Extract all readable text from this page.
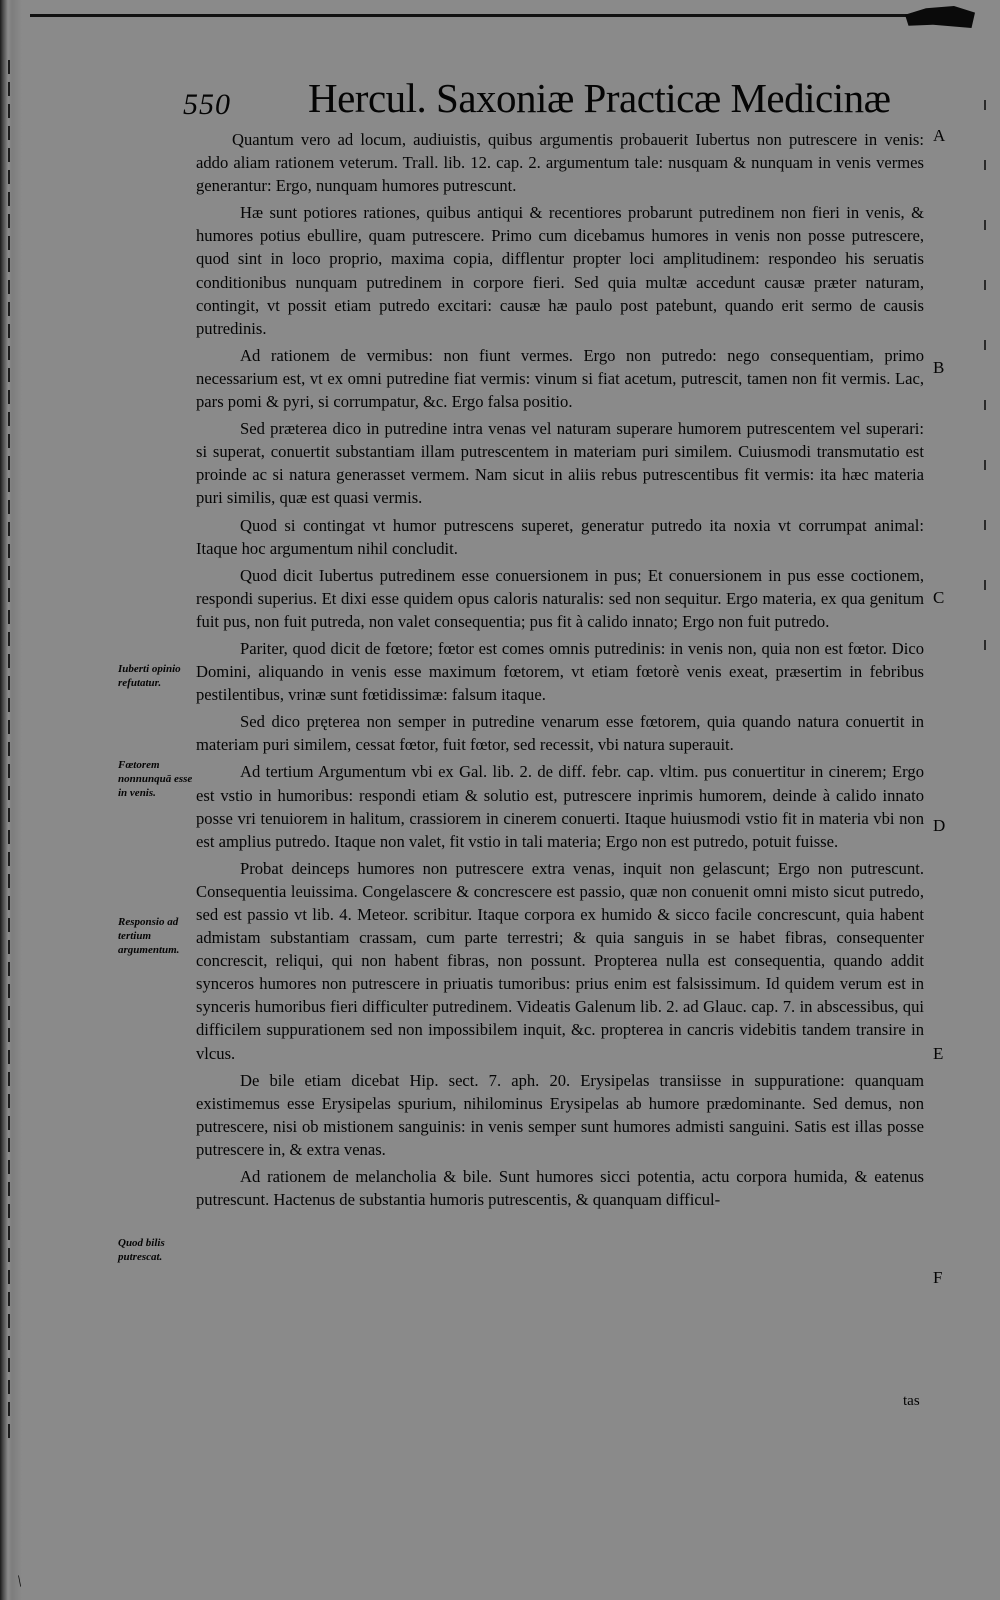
550 Hercul. Saxoniæ Practicæ Medicinæ

Quantum vero ad locum, audiuistis, quibus argumentis probauerit Iubertus non putrescere in venis: addo aliam rationem veterum. Trall. lib. 12. cap. 2. argumentum tale: nusquam & nunquam in venis vermes generantur: Ergo, nunquam humores putrescunt.

Hæ sunt potiores rationes, quibus antiqui & recentiores probarunt putredinem non fieri in venis, & humores potius ebullire, quam putrescere. Primo cum dicebamus humores in venis non posse putrescere, quod sint in loco proprio, maxima copia, difflentur propter loci amplitudinem: respondeo his seruatis conditionibus nunquam putredinem in corpore fieri. Sed quia multæ accedunt causæ præter naturam, contingit, vt possit etiam putredo excitari: causæ hæ paulo post patebunt, quando erit sermo de causis putredinis.

Ad rationem de vermibus: non fiunt vermes. Ergo non putredo: nego consequentiam, primo necessarium est, vt ex omni putredine fiat vermis: vinum si fiat acetum, putrescit, tamen non fit vermis. Lac, pars pomi & pyri, si corrumpatur, &c. Ergo falsa positio.

Sed præterea dico in putredine intra venas vel naturam superare humorem putrescentem vel superari: si superat, conuertit substantiam illam putrescentem in materiam puri similem. Cuiusmodi transmutatio est proinde ac si natura generasset vermem. Nam sicut in aliis rebus putrescentibus fit vermis: ita hæc materia puri similis, quæ est quasi vermis.

Quod si contingat vt humor putrescens superet, generatur putredo ita noxia vt corrumpat animal: Itaque hoc argumentum nihil concludit.

Quod dicit Iubertus putredinem esse conuersionem in pus; Et conuersionem in pus esse coctionem, respondi superius. Et dixi esse quidem opus caloris naturalis: sed non sequitur. Ergo materia, ex qua genitum fuit pus, non fuit putreda, non valet consequentia; pus fit à calido innato; Ergo non fuit putredo.

Pariter, quod dicit de fœtore; fœtor est comes omnis putredinis: in venis non, quia non est fœtor. Dico Domini, aliquando in venis esse maximum fœtorem, vt etiam fœtorè venis exeat, præsertim in febribus pestilentibus, vrinæ sunt fœtidissimæ: falsum itaque.

Sed dico pręterea non semper in putredine venarum esse fœtorem, quia quando natura conuertit in materiam puri similem, cessat fœtor, fuit fœtor, sed recessit, vbi natura superauit.

Ad tertium Argumentum vbi ex Gal. lib. 2. de diff. febr. cap. vltim. pus conuertitur in cinerem; Ergo est vstio in humoribus: respondi etiam & solutio est, putrescere inprimis humorem, deinde à calido innato posse vri tenuiorem in halitum, crassiorem in cinerem conuerti. Itaque huiusmodi vstio fit in materia vbi non est amplius putredo. Itaque non valet, fit vstio in tali materia; Ergo non est putredo, potuit fuisse.

Probat deinceps humores non putrescere extra venas, inquit non gelascunt; Ergo non putrescunt. Consequentia leuissima. Congelascere & concrescere est passio, quæ non conuenit omni misto sicut putredo, sed est passio vt lib. 4. Meteor. scribitur. Itaque corpora ex humido & sicco facile concrescunt, quia habent admistam substantiam crassam, cum parte terrestri; & quia sanguis in se habet fibras, consequenter concrescit, reliqui, qui non habent fibras, non possunt. Propterea nulla est consequentia, quando addit synceros humores non putrescere in priuatis tumoribus: prius enim est falsissimum. Id quidem verum est in synceris humoribus fieri difficulter putredinem. Videatis Galenum lib. 2. ad Glauc. cap. 7. in abscessibus, qui difficilem suppurationem sed non impossibilem inquit, &c. propterea in cancris videbitis tandem transire in vlcus.

De bile etiam dicebat Hip. sect. 7. aph. 20. Erysipelas transiisse in suppuratione: quanquam existimemus esse Erysipelas spurium, nihilominus Erysipelas ab humore prædominante. Sed demus, non putrescere, nisi ob mistionem sanguinis: in venis semper sunt humores admisti sanguini. Satis est illas posse putrescere in, & extra venas.

Ad rationem de melancholia & bile. Sunt humores sicci potentia, actu corpora humida, & eatenus putrescunt. Hactenus de substantia humoris putrescentis, & quanquam difficul-

Iuberti opinio refutatur.
Fœtorem nonnunquā esse in venis.
Responsio ad tertium argumentum.
Quod bilis putrescat.
A
B
C
D
E
F
tas
/
